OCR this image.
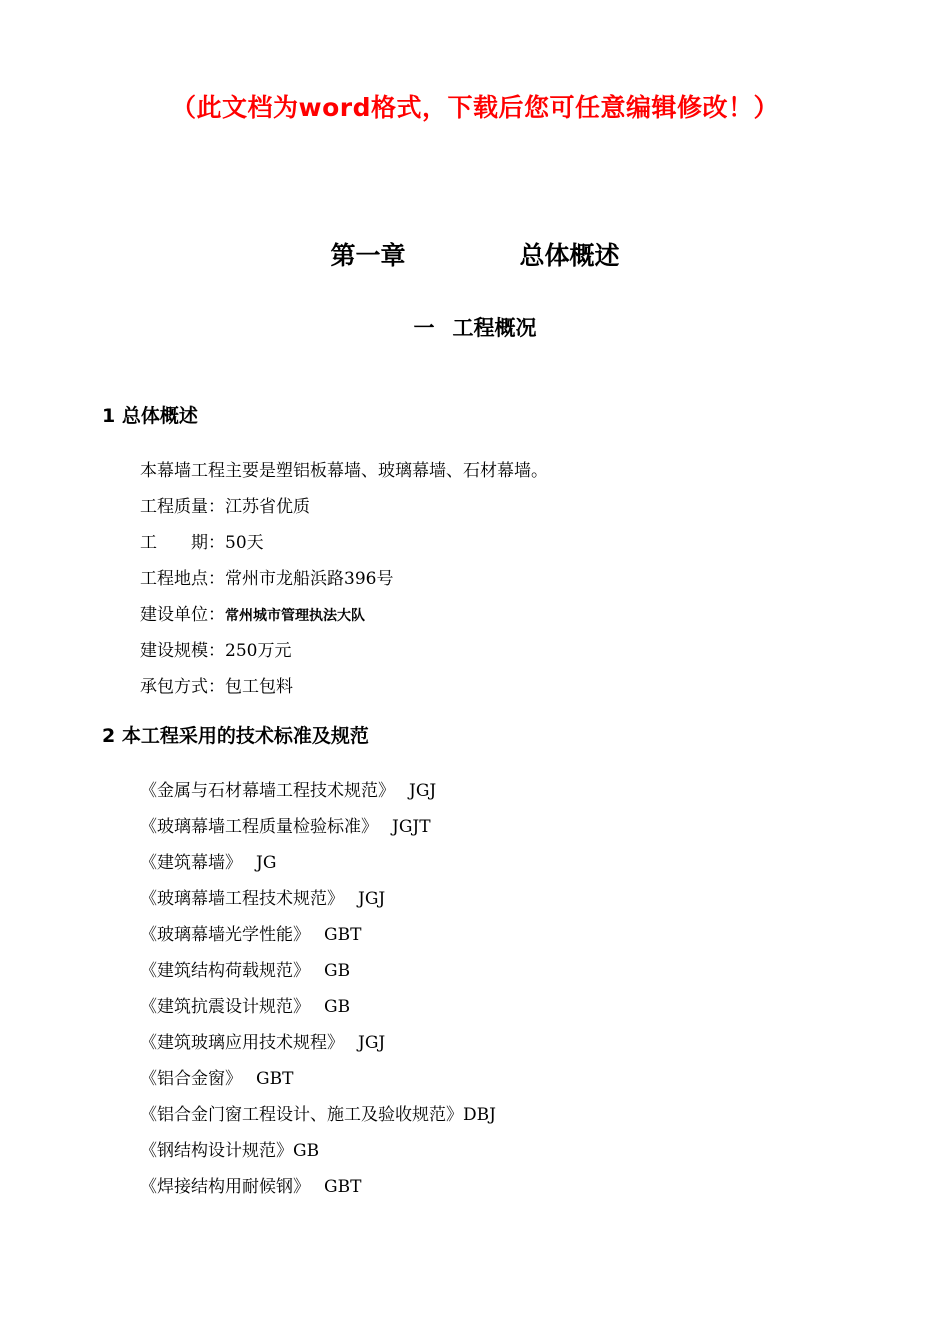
（此文档为word格式，下载后您可任意编辑修改！）
第一章	总体概述
一 工程概况
1 总体概述
本幕墙工程主要是塑铝板幕墙、玻璃幕墙、石材幕墙。
工程质量：江苏省优质
工　　期：50天
工程地点：常州市龙船浜路396号
建设单位：常州城市管理执法大队
建设规模：250万元
承包方式：包工包料
2 本工程采用的技术标准及规范
《金属与石材幕墙工程技术规范》 JGJ
《玻璃幕墙工程质量检验标准》 JGJT
《建筑幕墙》 JG
《玻璃幕墙工程技术规范》 JGJ
《玻璃幕墙光学性能》 GBT
《建筑结构荷载规范》 GB
《建筑抗震设计规范》 GB
《建筑玻璃应用技术规程》 JGJ
《铝合金窗》 GBT
《铝合金门窗工程设计、施工及验收规范》DBJ
《钢结构设计规范》GB
《焊接结构用耐候钢》 GBT
